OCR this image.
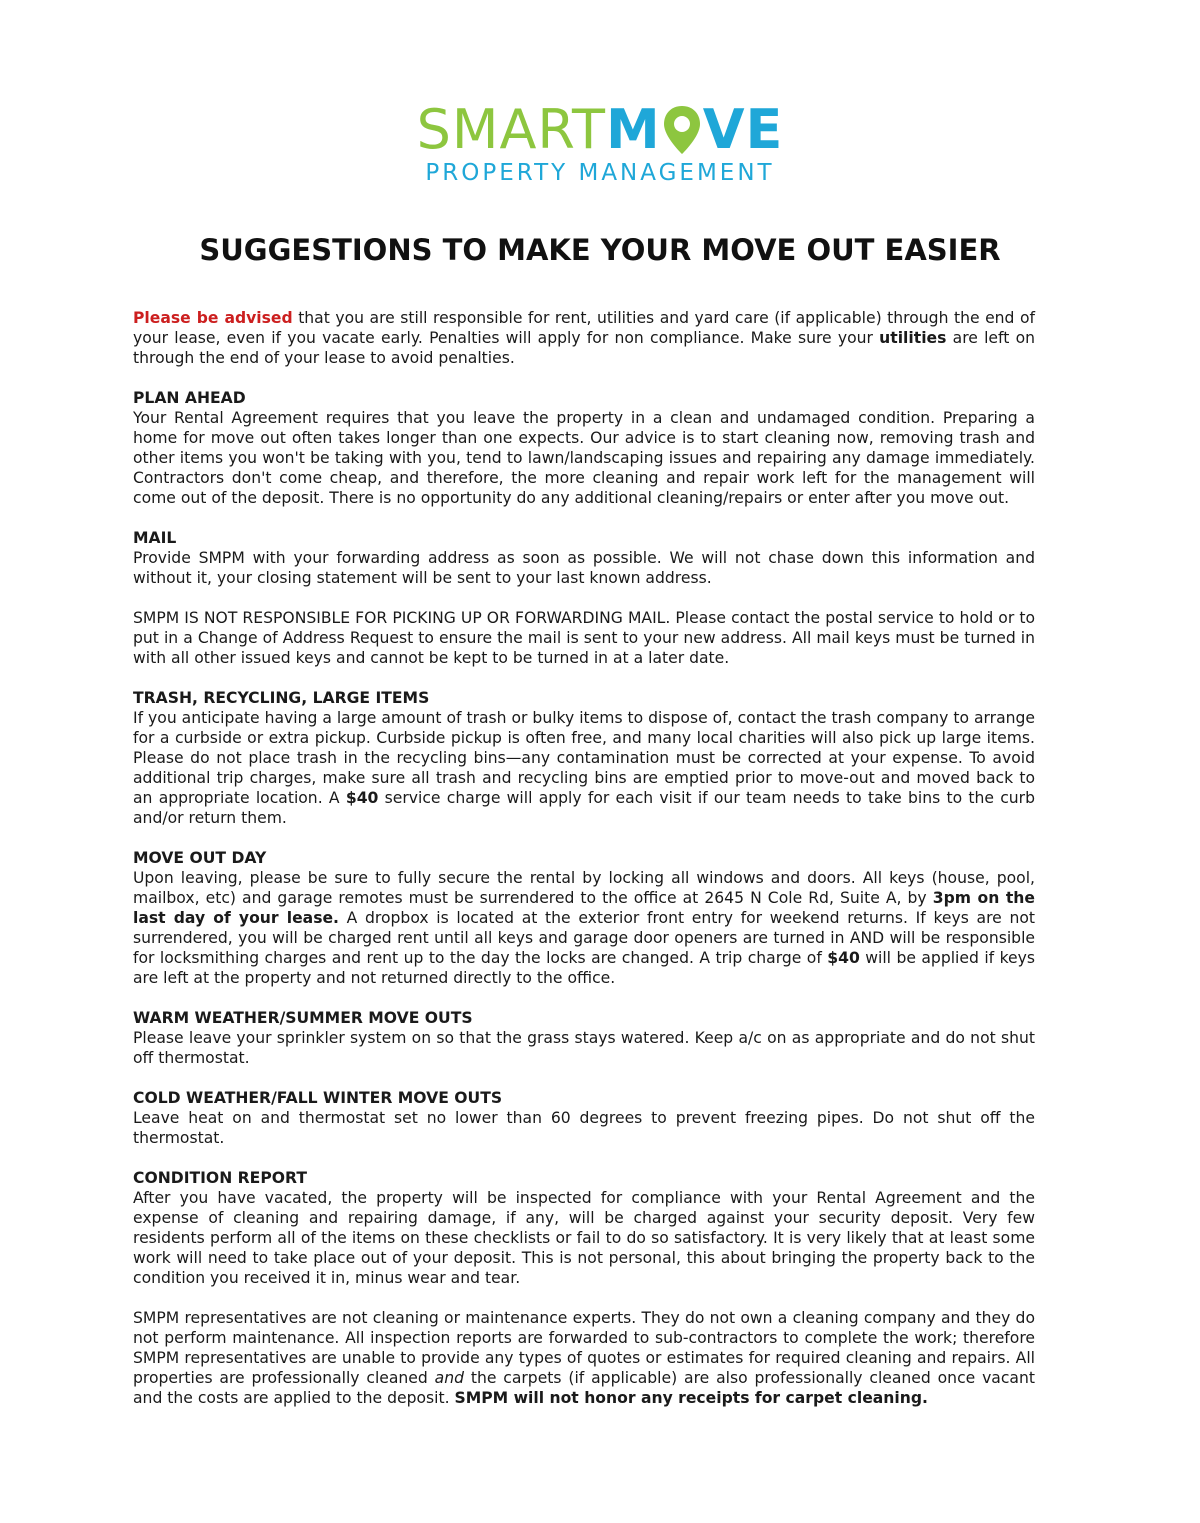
SMARTM VE
PROPERTY MANAGEMENT
SUGGESTIONS TO MAKE YOUR MOVE OUT EASIER

Please be advised that you are still responsible for rent, utilities and yard care (if applicable) through the end of your lease, even if you vacate early. Penalties will apply for non compliance. Make sure your utilities are left on through the end of your lease to avoid penalties.

PLAN AHEAD

Your Rental Agreement requires that you leave the property in a clean and undamaged condition. Preparing a home for move out often takes longer than one expects. Our advice is to start cleaning now, removing trash and other items you won't be taking with you, tend to lawn/landscaping issues and repairing any damage immediately. Contractors don't come cheap, and therefore, the more cleaning and repair work left for the management will come out of the deposit. There is no opportunity do any additional cleaning/repairs or enter after you move out.

MAIL

Provide SMPM with your forwarding address as soon as possible. We will not chase down this information and without it, your closing statement will be sent to your last known address.

SMPM IS NOT RESPONSIBLE FOR PICKING UP OR FORWARDING MAIL. Please contact the postal service to hold or to put in a Change of Address Request to ensure the mail is sent to your new address. All mail keys must be turned in with all other issued keys and cannot be kept to be turned in at a later date.

TRASH, RECYCLING, LARGE ITEMS

If you anticipate having a large amount of trash or bulky items to dispose of, contact the trash company to arrange for a curbside or extra pickup. Curbside pickup is often free, and many local charities will also pick up large items. Please do not place trash in the recycling bins—any contamination must be corrected at your expense. To avoid additional trip charges, make sure all trash and recycling bins are emptied prior to move-out and moved back to an appropriate location. A $40 service charge will apply for each visit if our team needs to take bins to the curb and/or return them.

MOVE OUT DAY

Upon leaving, please be sure to fully secure the rental by locking all windows and doors. All keys (house, pool, mailbox, etc) and garage remotes must be surrendered to the office at 2645 N Cole Rd, Suite A, by 3pm on the last day of your lease. A dropbox is located at the exterior front entry for weekend returns. If keys are not surrendered, you will be charged rent until all keys and garage door openers are turned in AND will be responsible for locksmithing charges and rent up to the day the locks are changed. A trip charge of $40 will be applied if keys are left at the property and not returned directly to the office.

WARM WEATHER/SUMMER MOVE OUTS

Please leave your sprinkler system on so that the grass stays watered. Keep a/c on as appropriate and do not shut off thermostat.

COLD WEATHER/FALL WINTER MOVE OUTS

Leave heat on and thermostat set no lower than 60 degrees to prevent freezing pipes. Do not shut off the thermostat.

CONDITION REPORT

After you have vacated, the property will be inspected for compliance with your Rental Agreement and the expense of cleaning and repairing damage, if any, will be charged against your security deposit. Very few residents perform all of the items on these checklists or fail to do so satisfactory. It is very likely that at least some work will need to take place out of your deposit. This is not personal, this about bringing the property back to the condition you received it in, minus wear and tear.

SMPM representatives are not cleaning or maintenance experts. They do not own a cleaning company and they do not perform maintenance. All inspection reports are forwarded to sub-contractors to complete the work; therefore SMPM representatives are unable to provide any types of quotes or estimates for required cleaning and repairs. All properties are professionally cleaned and the carpets (if applicable) are also professionally cleaned once vacant and the costs are applied to the deposit. SMPM will not honor any receipts for carpet cleaning.
